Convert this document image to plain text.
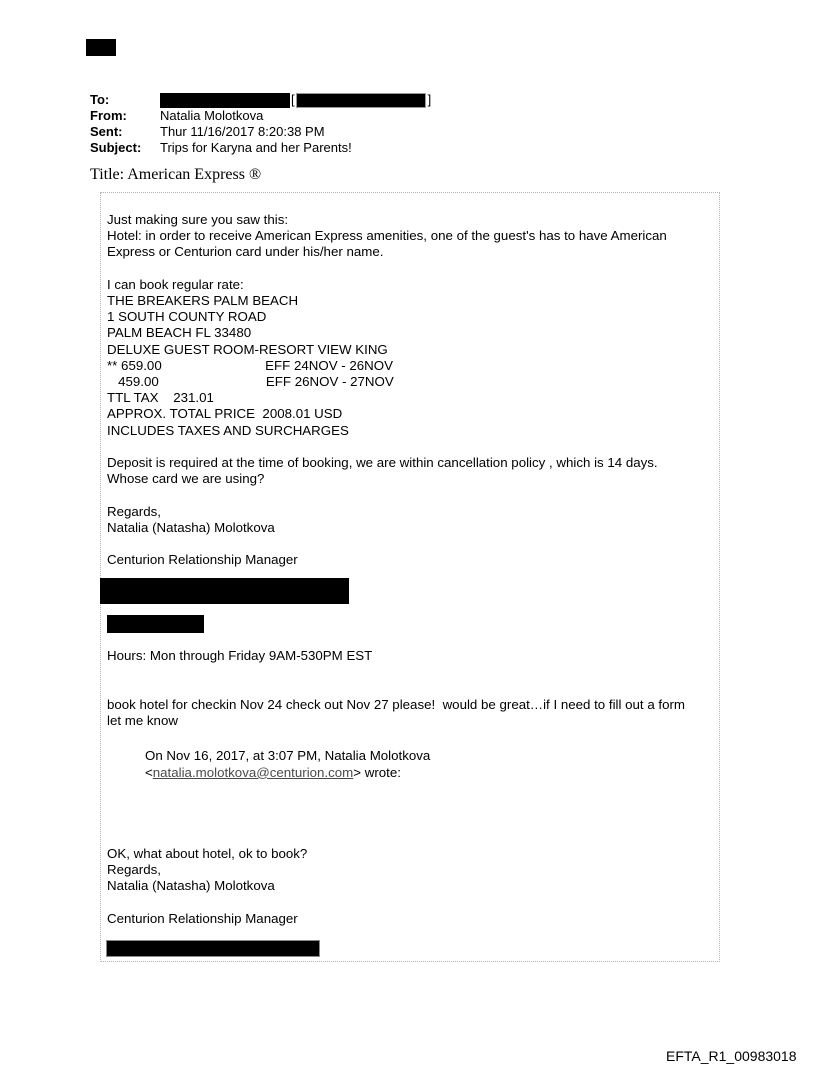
To:	[	]
From:	Natalia Molotkova
Sent:	Thur 11/16/2017 8:20:38 PM
Subject:	Trips for Karyna and her Parents!
Title: American Express ®
Just making sure you saw this:
Hotel: in order to receive American Express amenities, one of the guest's has to have American
Express or Centurion card under his/her name.

I can book regular rate:
THE BREAKERS PALM BEACH
1 SOUTH COUNTY ROAD
PALM BEACH FL 33480
DELUXE GUEST ROOM-RESORT VIEW KING
** 659.00                            EFF 24NOV - 26NOV
459.00                             EFF 26NOV - 27NOV
TTL TAX    231.01
APPROX. TOTAL PRICE  2008.01 USD
INCLUDES TAXES AND SURCHARGES

Deposit is required at the time of booking, we are within cancellation policy , which is 14 days.
Whose card we are using?

Regards,
Natalia (Natasha) Molotkova

Centurion Relationship Manager
Hours: Mon through Friday 9AM-530PM EST

book hotel for checkin Nov 24 check out Nov 27 please!  would be great…if I need to fill out a form
let me know
On Nov 16, 2017, at 3:07 PM, Natalia Molotkova
<natalia.molotkova@centurion.com> wrote:

OK, what about hotel, ok to book?
Regards,
Natalia (Natasha) Molotkova

Centurion Relationship Manager
EFTA_R1_00983018
